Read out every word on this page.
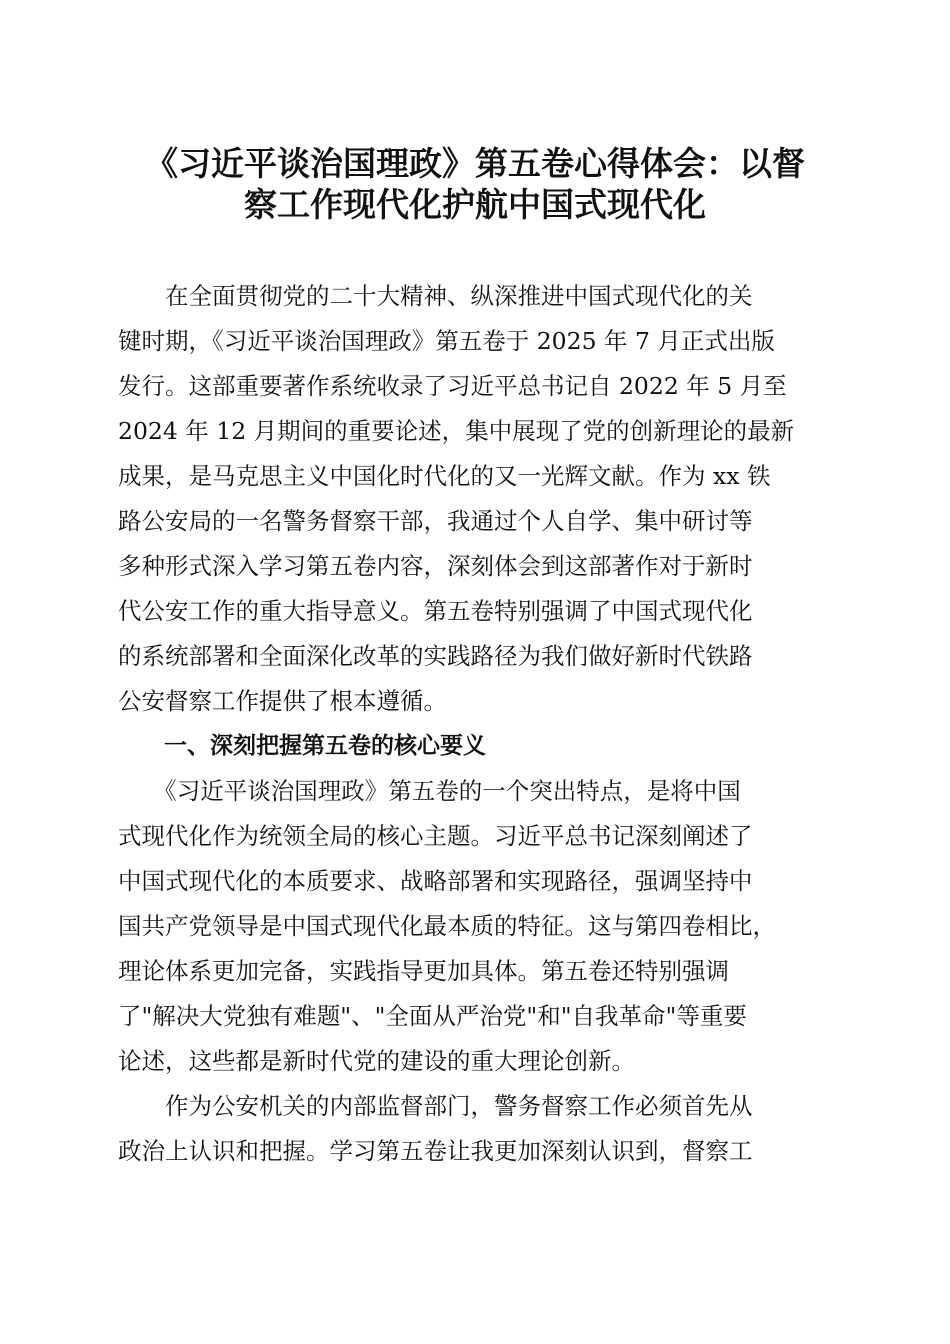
《习近平谈治国理政》第五卷心得体会：以督
察工作现代化护航中国式现代化
　　在全面贯彻党的二十大精神、纵深推进中国式现代化的关
键时期，《习近平谈治国理政》第五卷于 2025 年 7 月正式出版
发行。这部重要著作系统收录了习近平总书记自 2022 年 5 月至
2024 年 12 月期间的重要论述，集中展现了党的创新理论的最新
成果，是马克思主义中国化时代化的又一光辉文献。作为 xx 铁
路公安局的一名警务督察干部，我通过个人自学、集中研讨等
多种形式深入学习第五卷内容，深刻体会到这部著作对于新时
代公安工作的重大指导意义。第五卷特别强调了中国式现代化
的系统部署和全面深化改革的实践路径为我们做好新时代铁路
公安督察工作提供了根本遵循。
　　一、深刻把握第五卷的核心要义
　　《习近平谈治国理政》第五卷的一个突出特点，是将中国
式现代化作为统领全局的核心主题。习近平总书记深刻阐述了
中国式现代化的本质要求、战略部署和实现路径，强调坚持中
国共产党领导是中国式现代化最本质的特征。这与第四卷相比，
理论体系更加完备，实践指导更加具体。第五卷还特别强调
了"解决大党独有难题"、"全面从严治党"和"自我革命"等重要
论述，这些都是新时代党的建设的重大理论创新。
　　作为公安机关的内部监督部门，警务督察工作必须首先从
政治上认识和把握。学习第五卷让我更加深刻认识到，督察工
